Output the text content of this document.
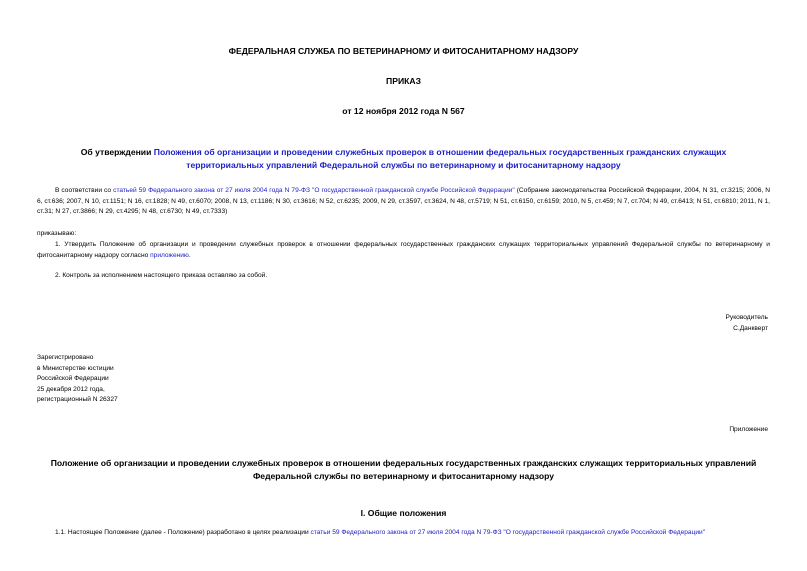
ФЕДЕРАЛЬНАЯ СЛУЖБА ПО ВЕТЕРИНАРНОМУ И ФИТОСАНИТАРНОМУ НАДЗОРУ
ПРИКАЗ
от 12 ноября 2012 года N 567
Об утверждении Положения об организации и проведении служебных проверок в отношении федеральных государственных гражданских служащих территориальных управлений Федеральной службы по ветеринарному и фитосанитарному надзору
В соответствии со статьей 59 Федерального закона от 27 июля 2004 года N 79-ФЗ "О государственной гражданской службе Российской Федерации" (Собрание законодательства Российской Федерации, 2004, N 31, ст.3215; 2006, N 6, ст.636; 2007, N 10, ст.1151; N 16, ст.1828; N 49, ст.6070; 2008, N 13, ст.1186; N 30, ст.3616; N 52, ст.6235; 2009, N 29, ст.3597, ст.3624, N 48, ст.5719; N 51, ст.6150, ст.6159; 2010, N 5, ст.459; N 7, ст.704; N 49, ст.6413; N 51, ст.6810; 2011, N 1, ст.31; N 27, ст.3866; N 29, ст.4295; N 48, ст.6730; N 49, ст.7333)
приказываю:
1. Утвердить Положение об организации и проведении служебных проверок в отношении федеральных государственных гражданских служащих территориальных управлений Федеральной службы по ветеринарному и фитосанитарному надзору согласно приложению.
2. Контроль за исполнением настоящего приказа оставляю за собой.
Руководитель
С.Данкверт
Зарегистрировано
в Министерстве юстиции
Российской Федерации
25 декабря 2012 года,
регистрационный N 26327
Приложение
Положение об организации и проведении служебных проверок в отношении федеральных государственных гражданских служащих территориальных управлений Федеральной службы по ветеринарному и фитосанитарному надзору
I. Общие положения
1.1. Настоящее Положение (далее - Положение) разработано в целях реализации статьи 59 Федерального закона от 27 июля 2004 года N 79-ФЗ "О государственной гражданской службе Российской Федерации"
